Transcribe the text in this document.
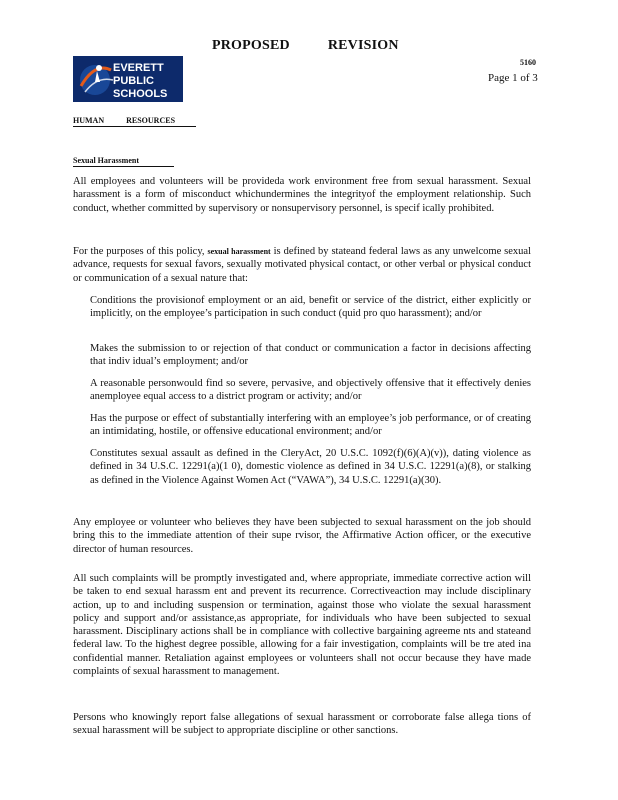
PROPOSED	REVISION
EVERETT
PUBLIC
SCHOOLS
5160
Page 1 of 3
HUMAN	RESOURCES
Sexual Harassment
All employees and volunteers will be provideda work environment free from sexual harassment. Sexual harassment is a form of misconduct whichundermines the integrityof the employment relationship. Such conduct, whether committed by supervisory or nonsupervisory personnel, is specif ically prohibited.
For the purposes of this policy, sexual harassment is defined by stateand federal laws as any unwelcome sexual advance, requests for sexual favors, sexually motivated physical contact, or other verbal or physical conduct or communication of a sexual nature that:
Conditions the provisionof employment or an aid, benefit or service of the district, either explicitly or implicitly, on the employee’s participation in such conduct (quid pro quo harassment); and/or
Makes the submission to or rejection of that conduct or communication a factor in decisions affecting that indiv idual’s employment; and/or
A reasonable personwould find so severe, pervasive, and objectively offensive that it effectively denies anemployee equal access to a district program or activity; and/or
Has the purpose or effect of substantially interfering with an employee’s job performance, or of creating an intimidating, hostile, or offensive educational environment; and/or
Constitutes sexual assault as defined in the CleryAct, 20 U.S.C. 1092(f)(6)(A)(v)), dating violence as defined in 34 U.S.C. 12291(a)(1 0), domestic violence as defined in 34 U.S.C. 12291(a)(8), or stalking as defined in the Violence Against Women Act (“VAWA”), 34 U.S.C. 12291(a)(30).
Any employee or volunteer who believes they have been subjected to sexual harassment on the job should bring this to the immediate attention of their supe rvisor, the Affirmative Action officer, or the executive director of human resources.
All such complaints will be promptly investigated and, where appropriate, immediate corrective action will be taken to end sexual harassm ent and prevent its recurrence. Correctiveaction may include disciplinary action, up to and including suspension or termination, against those who violate the sexual harassment policy and support and/or assistance,as appropriate, for individuals who have been subjected to sexual harassment. Disciplinary actions shall be in compliance with collective bargaining agreeme nts and stateand federal law. To the highest degree possible, allowing for a fair investigation, complaints will be tre ated ina confidential manner. Retaliation against employees or volunteers shall not occur because they have made complaints of sexual harassment to management.
Persons who knowingly report false allegations of sexual harassment or corroborate false allega tions of sexual harassment will be subject to appropriate discipline or other sanctions.
